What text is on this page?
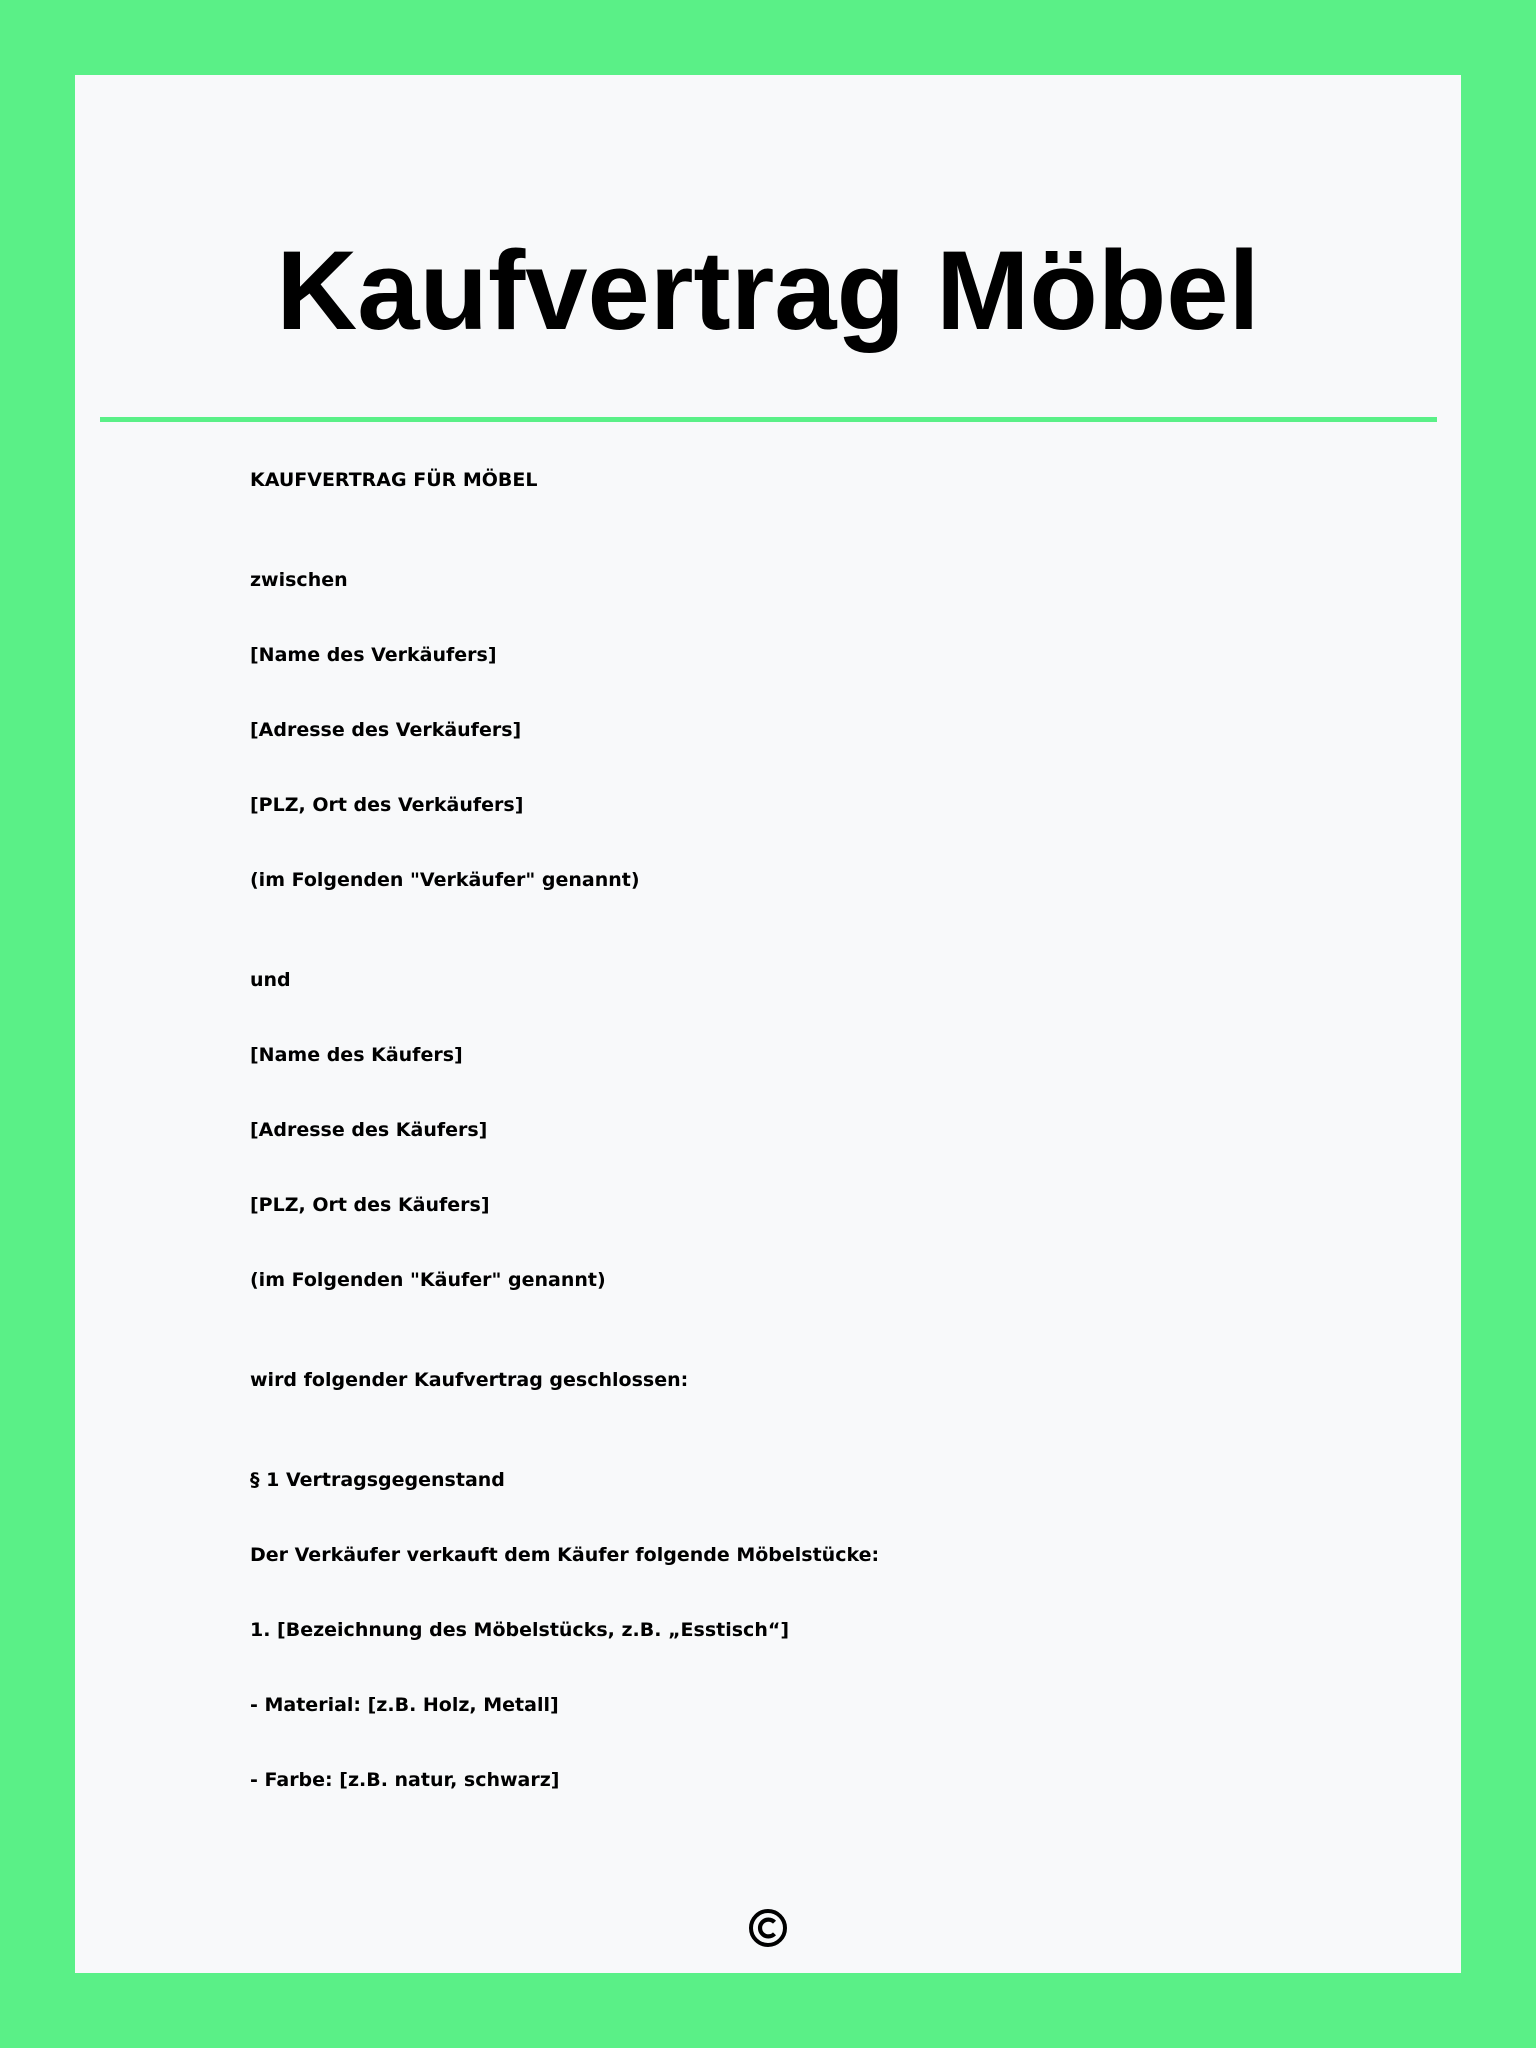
Kaufvertrag Möbel
KAUFVERTRAG FÜR MÖBEL
zwischen
[Name des Verkäufers]
[Adresse des Verkäufers]
[PLZ, Ort des Verkäufers]
(im Folgenden "Verkäufer" genannt)
und
[Name des Käufers]
[Adresse des Käufers]
[PLZ, Ort des Käufers]
(im Folgenden "Käufer" genannt)
wird folgender Kaufvertrag geschlossen:
§ 1 Vertragsgegenstand
Der Verkäufer verkauft dem Käufer folgende Möbelstücke:
1. [Bezeichnung des Möbelstücks, z.B. „Esstisch“]
- Material: [z.B. Holz, Metall]
- Farbe: [z.B. natur, schwarz]
